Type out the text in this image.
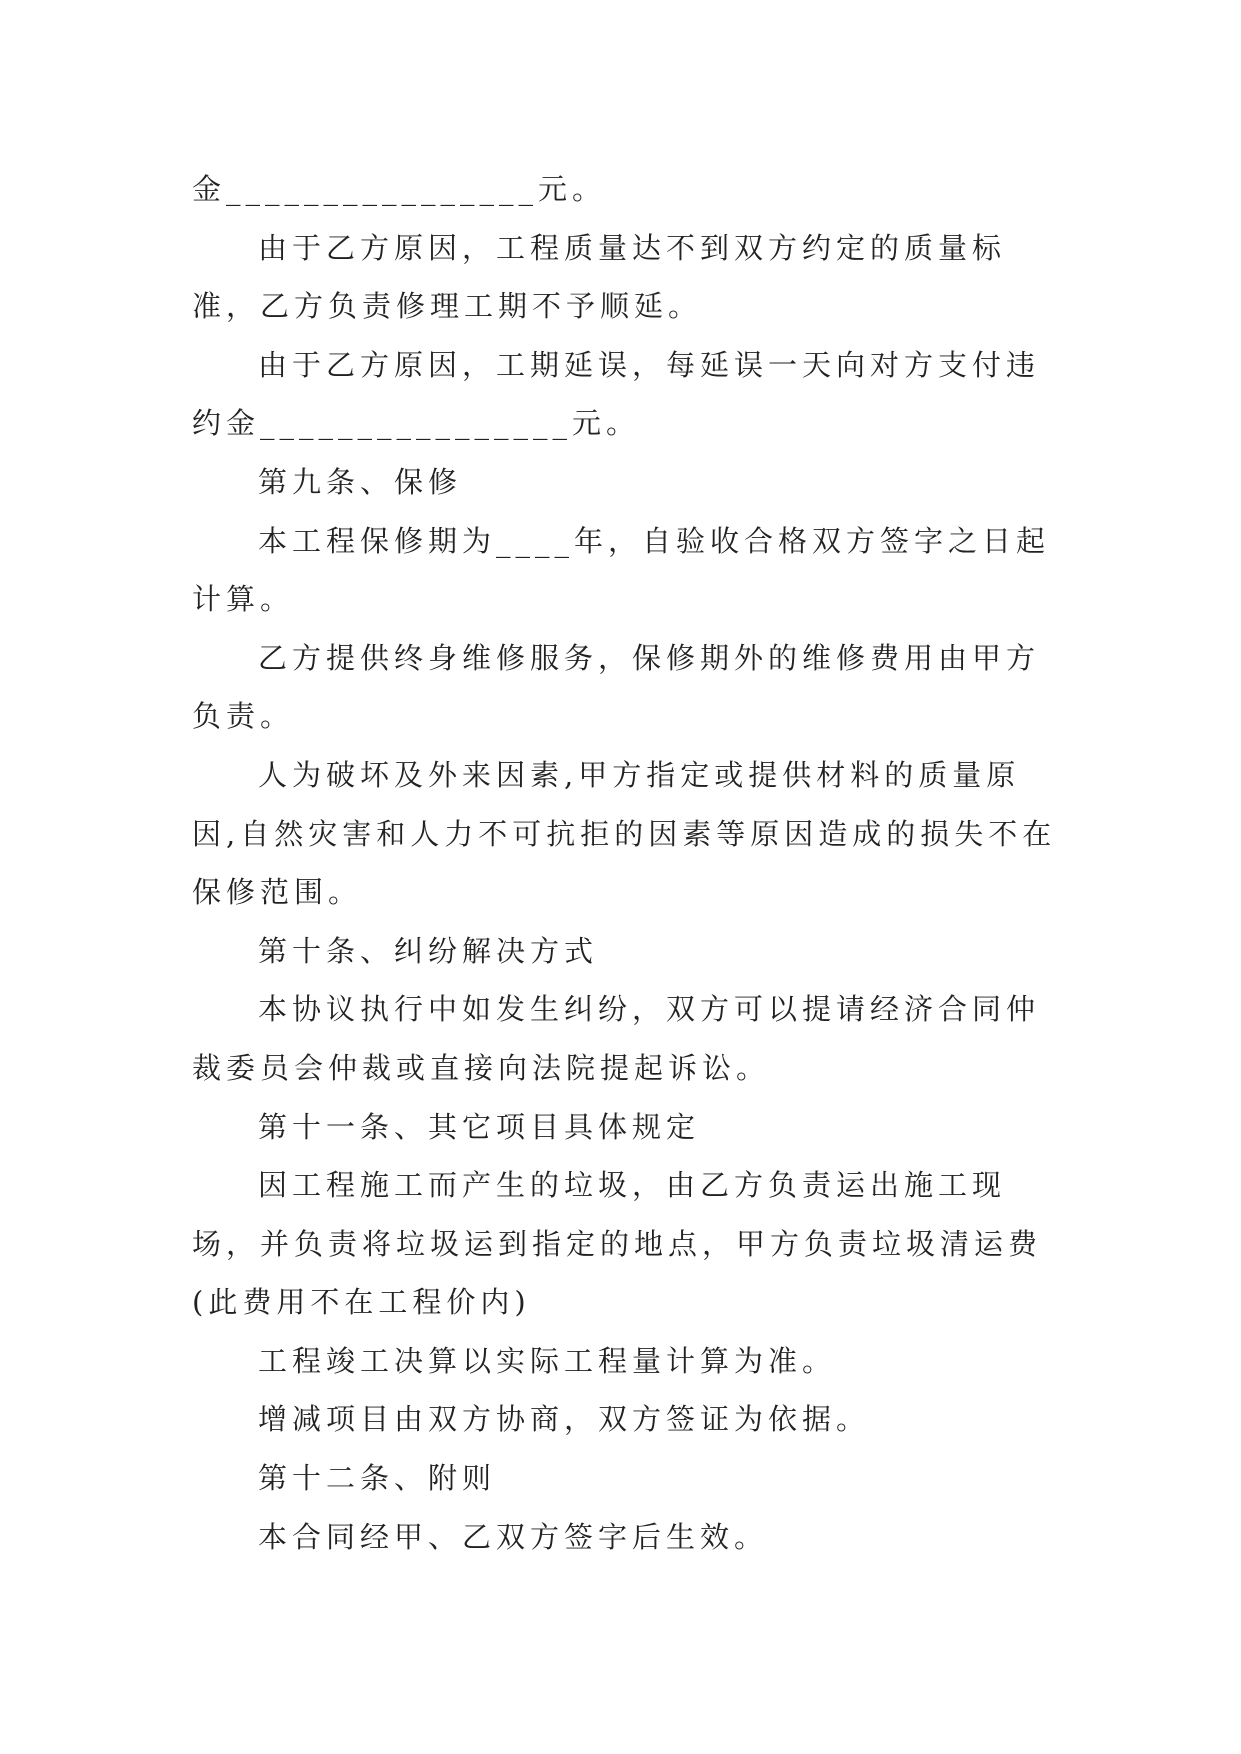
金________________元。

由于乙方原因，工程质量达不到双方约定的质量标准，乙方负责修理工期不予顺延。

由于乙方原因，工期延误，每延误一天向对方支付违约金________________元。

第九条、保修

本工程保修期为____年，自验收合格双方签字之日起计算。

乙方提供终身维修服务，保修期外的维修费用由甲方负责。

人为破坏及外来因素,甲方指定或提供材料的质量原因,自然灾害和人力不可抗拒的因素等原因造成的损失不在保修范围。

第十条、纠纷解决方式

本协议执行中如发生纠纷，双方可以提请经济合同仲裁委员会仲裁或直接向法院提起诉讼。

第十一条、其它项目具体规定

因工程施工而产生的垃圾，由乙方负责运出施工现场，并负责将垃圾运到指定的地点，甲方负责垃圾清运费(此费用不在工程价内)

工程竣工决算以实际工程量计算为准。

增减项目由双方协商，双方签证为依据。

第十二条、附则

本合同经甲、乙双方签字后生效。
